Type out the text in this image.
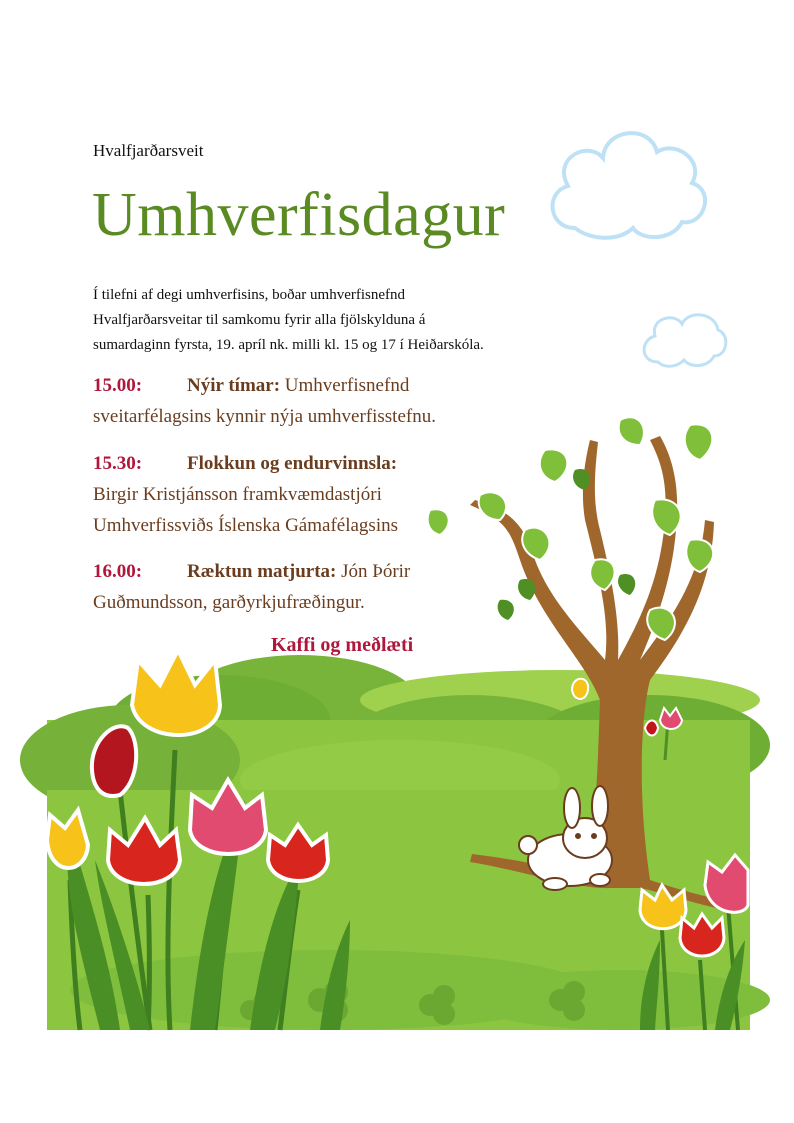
Hvalfjarðarsveit
Umhverfisdagur

Í tilefni af degi umhverfisins, boðar umhverfisnefnd
Hvalfjarðarsveitar til samkomu fyrir alla fjölskylduna á
sumardaginn fyrsta, 19. apríl nk. milli kl. 15 og 17 í Heiðarskóla.

15.00: Nýir tímar: Umhverfisnefnd
sveitarfélagsins kynnir nýja umhverfisstefnu.

15.30: Flokkun og endurvinnsla:
Birgir Kristjánsson framkvæmdastjóri
Umhverfissviðs Íslenska Gámafélagsins

16.00: Ræktun matjurta: Jón Þórir
Guðmundsson, garðyrkjufræðingur.

Kaffi og meðlæti
